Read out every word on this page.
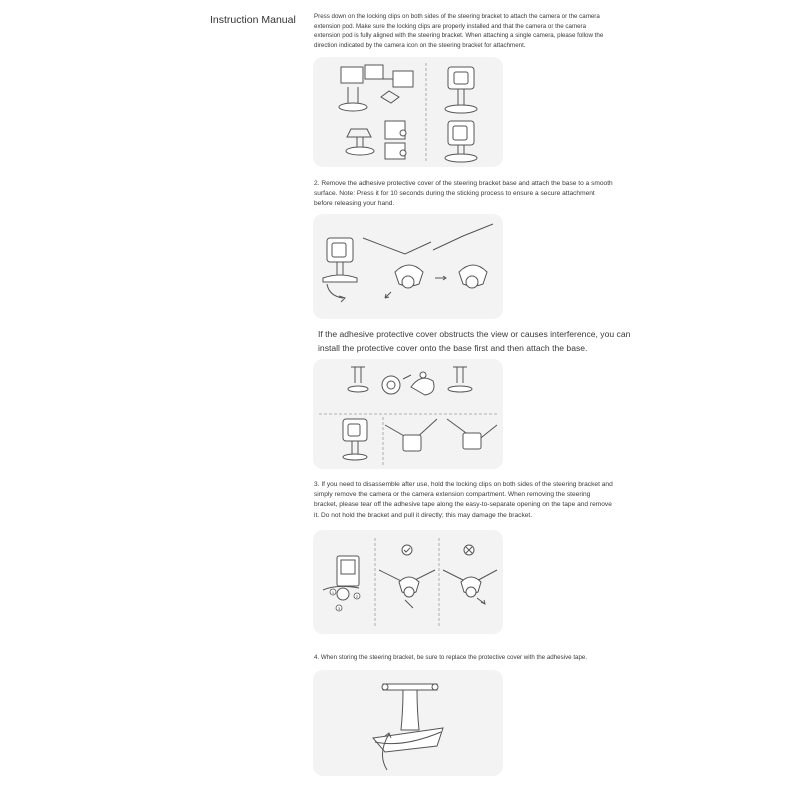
Instruction Manual	Press down on the locking clips on both sides of the steering bracket to attach the camera or the camera extension pod. Make sure the locking clips are properly installed and that the camera or the camera extension pod is fully aligned with the steering bracket. When attaching a single camera, please follow the direction indicated by the camera icon on the steering bracket for attachment.
2. Remove the adhesive protective cover of the steering bracket base and attach the base to a smooth surface. Note: Press it for 10 seconds during the sticking process to ensure a secure attachment before releasing your hand.
If the adhesive protective cover obstructs the view or causes interference, you can install the protective cover onto the base first and then attach the base.
3. If you need to disassemble after use, hold the locking clips on both sides of the steering bracket and simply remove the camera or the camera extension compartment. When removing the steering bracket, please tear off the adhesive tape along the easy-to-separate opening on the tape and remove it. Do not hold the bracket and pull it directly; this may damage the bracket.
1
2
3
4. When storing the steering bracket, be sure to replace the protective cover with the adhesive tape.
